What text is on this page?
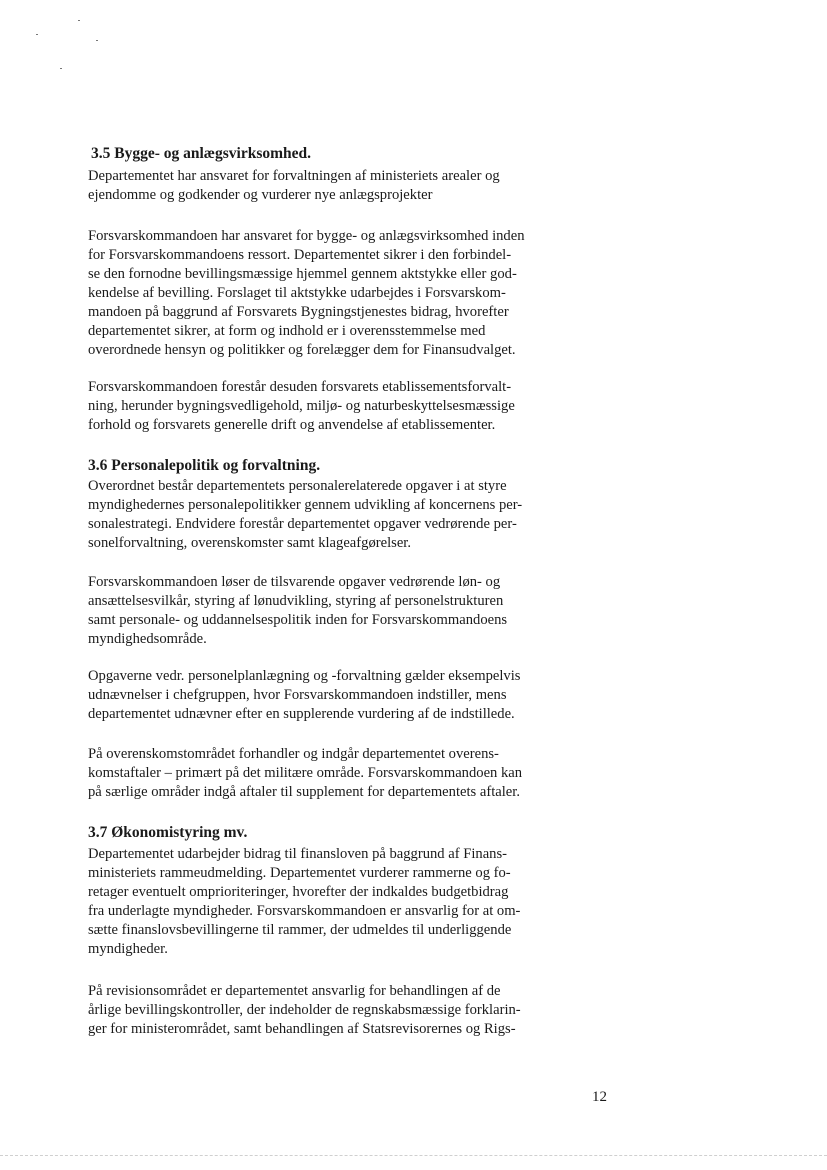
3.5 Bygge- og anlægsvirksomhed.

Departementet har ansvaret for forvaltningen af ministeriets arealer og
ejendomme og godkender og vurderer nye anlægsprojekter

Forsvarskommandoen har ansvaret for bygge- og anlægsvirksomhed inden
for Forsvarskommandoens ressort. Departementet sikrer i den forbindel-
se den fornodne bevillingsmæssige hjemmel gennem aktstykke eller god-
kendelse af bevilling. Forslaget til aktstykke udarbejdes i Forsvarskom-
mandoen på baggrund af Forsvarets Bygningstjenestes bidrag, hvorefter
departementet sikrer, at form og indhold er i overensstemmelse med
overordnede hensyn og politikker og forelægger dem for Finansudvalget.

Forsvarskommandoen forestår desuden forsvarets etablissementsforvalt-
ning, herunder bygningsvedligehold, miljø- og naturbeskyttelsesmæssige
forhold og forsvarets generelle drift og anvendelse af etablissementer.

3.6 Personalepolitik og forvaltning.

Overordnet består departementets personalerelaterede opgaver i at styre
myndighedernes personalepolitikker gennem udvikling af koncernens per-
sonalestrategi. Endvidere forestår departementet opgaver vedrørende per-
sonelforvaltning, overenskomster samt klageafgørelser.

Forsvarskommandoen løser de tilsvarende opgaver vedrørende løn- og
ansættelsesvilkår, styring af lønudvikling, styring af personelstrukturen
samt personale- og uddannelsespolitik inden for Forsvarskommandoens
myndighedsområde.

Opgaverne vedr. personelplanlægning og -forvaltning gælder eksempelvis
udnævnelser i chefgruppen, hvor Forsvarskommandoen indstiller, mens
departementet udnævner efter en supplerende vurdering af de indstillede.

På overenskomstområdet forhandler og indgår departementet overens-
komstaftaler – primært på det militære område. Forsvarskommandoen kan
på særlige områder indgå aftaler til supplement for departementets aftaler.

3.7 Økonomistyring mv.

Departementet udarbejder bidrag til finansloven på baggrund af Finans-
ministeriets rammeudmelding. Departementet vurderer rammerne og fo-
retager eventuelt omprioriteringer, hvorefter der indkaldes budgetbidrag
fra underlagte myndigheder. Forsvarskommandoen er ansvarlig for at om-
sætte finanslovsbevillingerne til rammer, der udmeldes til underliggende
myndigheder.

På revisionsområdet er departementet ansvarlig for behandlingen af de
årlige bevillingskontroller, der indeholder de regnskabsmæssige forklarin-
ger for ministerområdet, samt behandlingen af Statsrevisorernes og Rigs-

12
